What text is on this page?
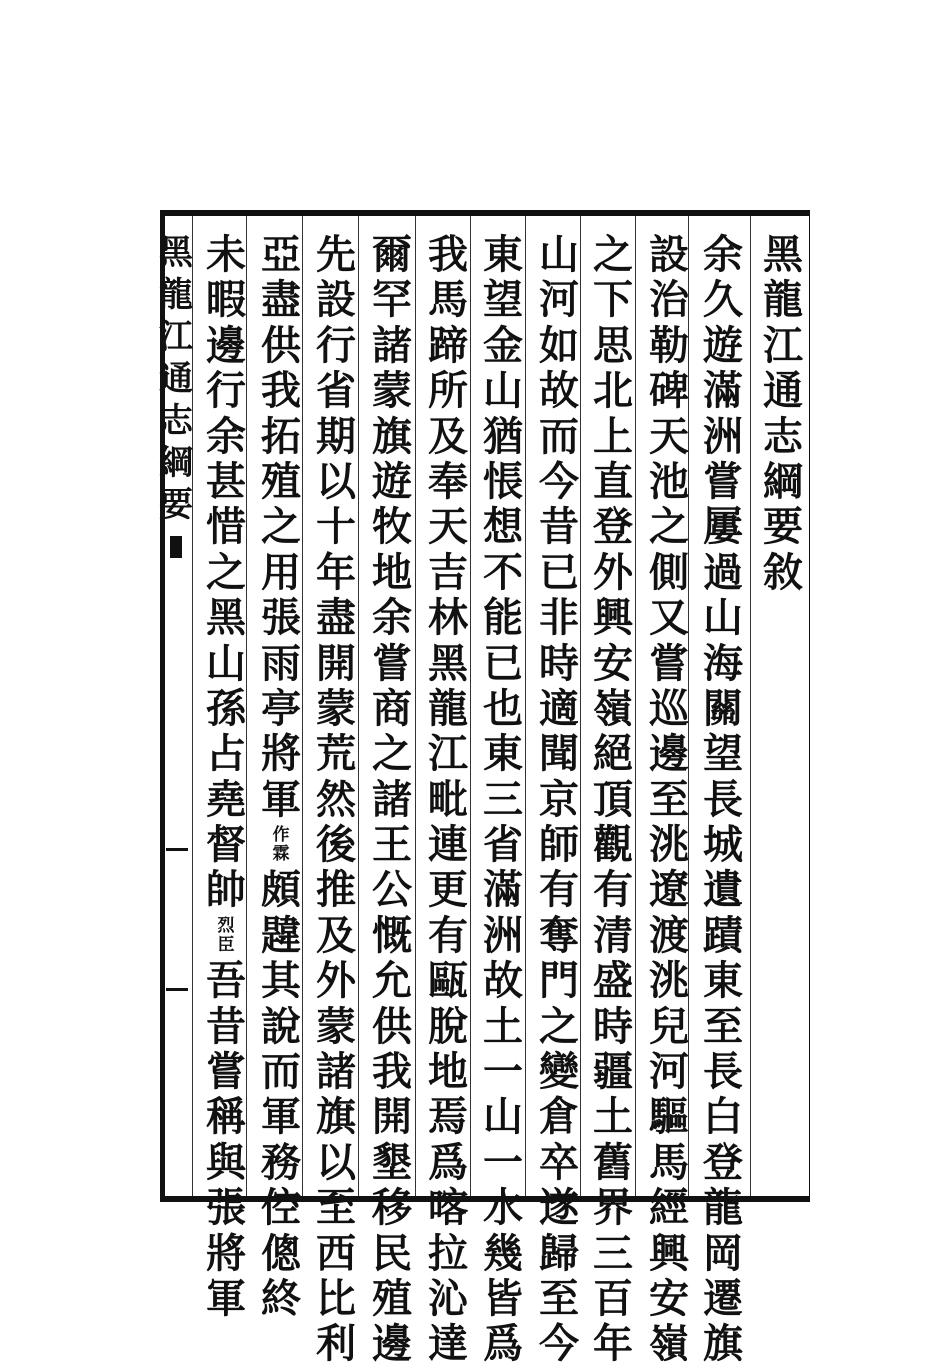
黑
龍
江
通
志
綱
要
黑
龍
江
通
志
綱
要
敘
余
久
遊
滿
洲
嘗
屢
過
山
海
關
望
長
城
遺
蹟
東
至
長
白
登
龍
岡
遷
旗
設
治
勒
碑
天
池
之
側
又
嘗
巡
邊
至
洮
遼
渡
洮
兒
河
驅
馬
經
興
安
嶺
之
下
思
北
上
直
登
外
興
安
嶺
絕
頂
觀
有
清
盛
時
疆
土
舊
界
三
百
年
山
河
如
故
而
今
昔
已
非
時
適
聞
京
師
有
奪
門
之
變
倉
卒
遂
歸
至
今
東
望
金
山
猶
悵
想
不
能
已
也
東
三
省
滿
洲
故
土
一
山
一
水
幾
皆
爲
我
馬
蹄
所
及
奉
天
吉
林
黑
龍
江
毗
連
更
有
甌
脫
地
焉
爲
喀
拉
沁
達
爾
罕
諸
蒙
旗
遊
牧
地
余
嘗
商
之
諸
王
公
慨
允
供
我
開
墾
移
民
殖
邊
先
設
行
省
期
以
十
年
盡
開
蒙
荒
然
後
推
及
外
蒙
諸
旗
以
至
西
比
利
亞
盡
供
我
拓
殖
之
用
張
雨
亭
將
軍
作
霖
頗
韙
其
說
而
軍
務
倥
傯
終
未
暇
邊
行
余
甚
惜
之
黑
山
孫
占
堯
督
帥
烈
臣
吾
昔
嘗
稱
與
張
將
軍
